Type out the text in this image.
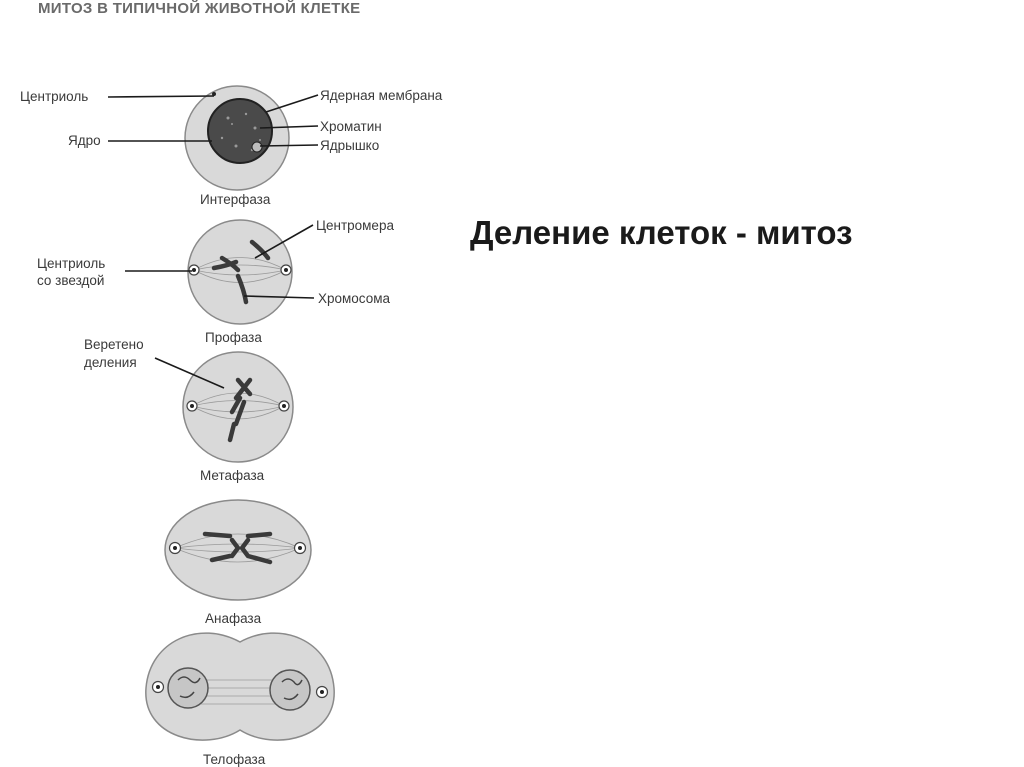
МИТОЗ В ТИПИЧНОЙ ЖИВОТНОЙ КЛЕТКЕ
Центриоль
Ядро
Ядерная мембрана
Хроматин
Ядрышко
Интерфаза
Центромера
Центриоль
со звездой
Хромосома
Профаза
Веретено
деления
Метафаза
Анафаза
Телофаза
Деление клеток - митоз
